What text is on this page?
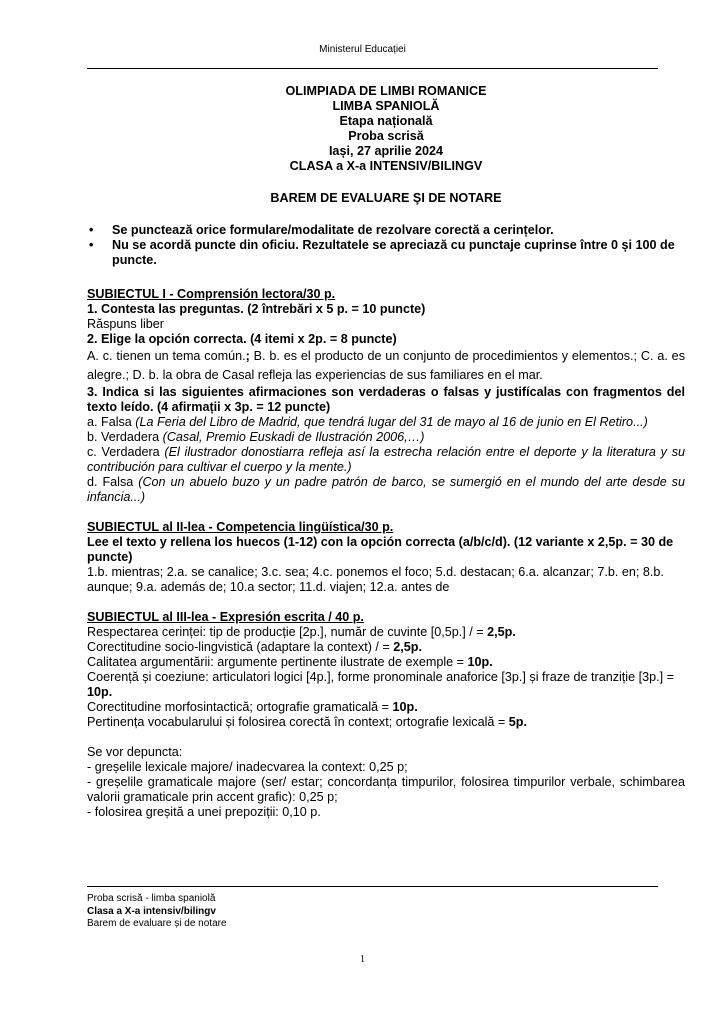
Ministerul Educației
OLIMPIADA DE LIMBI ROMANICE
LIMBA SPANIOLĂ
Etapa națională
Proba scrisă
Iași, 27 aprilie 2024
CLASA a X-a INTENSIV/BILINGV
BAREM DE EVALUARE ŞI DE NOTARE
• Se punctează orice formulare/modalitate de rezolvare corectă a cerințelor.
• Nu se acordă puncte din oficiu. Rezultatele se apreciază cu punctaje cuprinse între 0 și 100 de puncte.

SUBIECTUL I - Comprensión lectora/30 p.

1. Contesta las preguntas. (2 întrebări x 5 p. = 10 puncte)

Răspuns liber

2. Elige la opción correcta. (4 itemi x 2p. = 8 puncte)

A. c. tienen un tema común.; B. b. es el producto de un conjunto de procedimientos y elementos.; C. a. es alegre.; D. b. la obra de Casal refleja las experiencias de sus familiares en el mar.

3. Indica si las siguientes afirmaciones son verdaderas o falsas y justifícalas con fragmentos del texto leído. (4 afirmații x 3p. = 12 puncte)

a. Falsa (La Feria del Libro de Madrid, que tendrá lugar del 31 de mayo al 16 de junio en El Retiro...)

b. Verdadera (Casal, Premio Euskadi de Ilustración 2006,…)

c. Verdadera (El ilustrador donostiarra refleja así la estrecha relación entre el deporte y la literatura y su contribución para cultivar el cuerpo y la mente.)

d. Falsa (Con un abuelo buzo y un padre patrón de barco, se sumergió en el mundo del arte desde su infancia...)

SUBIECTUL al II-lea - Competencia lingüística/30 p.

Lee el texto y rellena los huecos (1-12) con la opción correcta (a/b/c/d). (12 variante x 2,5p. = 30 de puncte)

1.b. mientras; 2.a. se canalice; 3.c. sea; 4.c. ponemos el foco; 5.d. destacan; 6.a. alcanzar; 7.b. en; 8.b. aunque; 9.a. además de; 10.a sector; 11.d. viajen; 12.a. antes de

SUBIECTUL al III-lea - Expresión escrita / 40 p.

Respectarea cerinței: tip de producție [2p.], număr de cuvinte [0,5p.] / = 2,5p.

Corectitudine socio-lingvistică (adaptare la context) / = 2,5p.

Calitatea argumentării: argumente pertinente ilustrate de exemple = 10p.

Coerență și coeziune: articulatori logici [4p.], forme pronominale anaforice [3p.] și fraze de tranziție [3p.] = 10p.

Corectitudine morfosintactică; ortografie gramaticală = 10p.

Pertinența vocabularului și folosirea corectă în context; ortografie lexicală = 5p.

Se vor depuncta:

- greșelile lexicale majore/ inadecvarea la context: 0,25 p;

- greșelile gramaticale majore (ser/ estar; concordanța timpurilor, folosirea timpurilor verbale, schimbarea valorii gramaticale prin accent grafic): 0,25 p;

- folosirea greșită a unei prepoziții: 0,10 p.

Proba scrisă - limba spaniolă
Clasa a X-a intensiv/bilingv
Barem de evaluare și de notare
1
